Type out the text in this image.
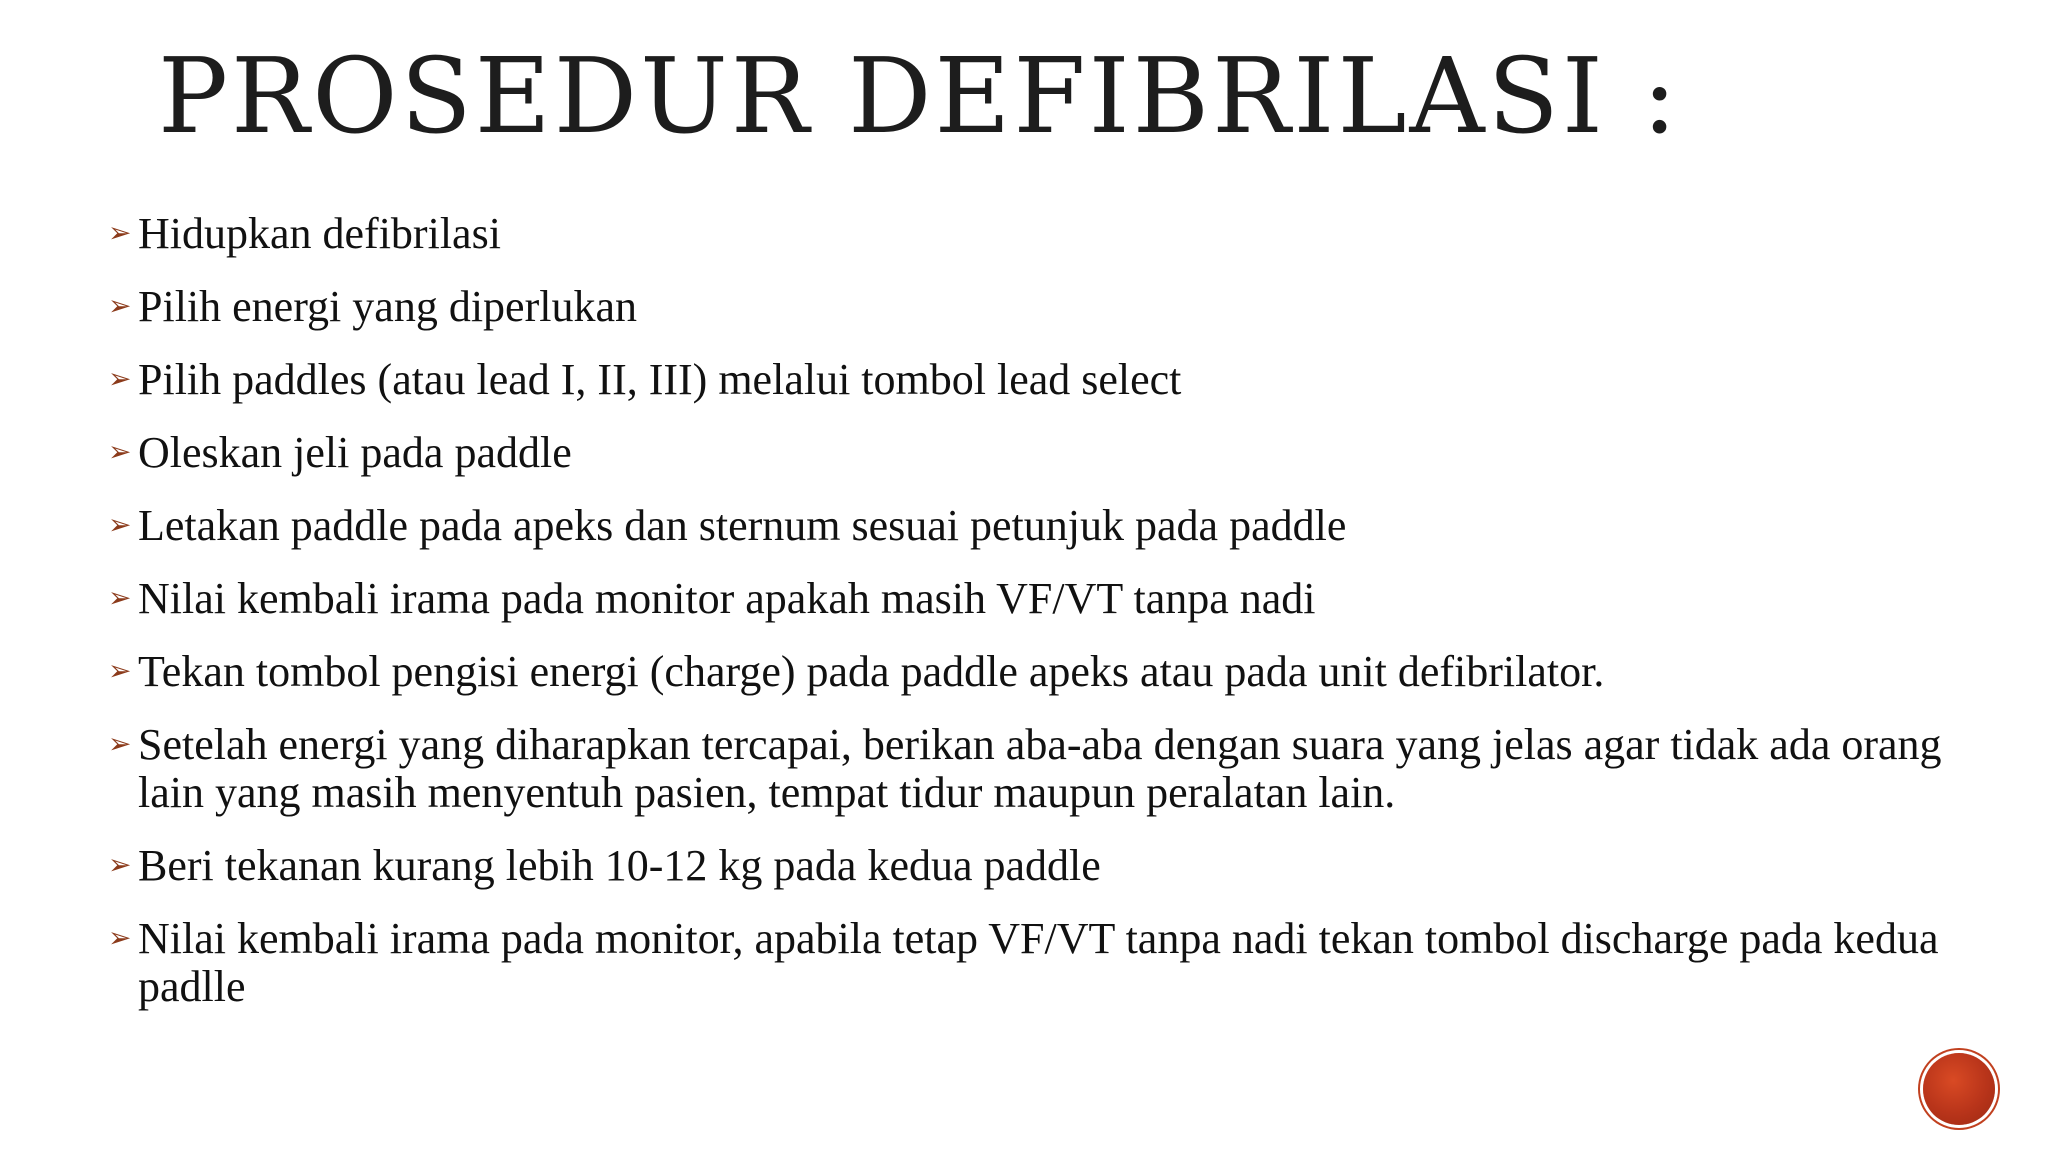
PROSEDUR DEFIBRILASI :
➢ Hidupkan defibrilasi
➢ Pilih energi yang diperlukan
➢ Pilih paddles (atau lead I, II, III) melalui tombol lead select
➢ Oleskan jeli pada paddle
➢ Letakan paddle pada apeks dan sternum sesuai petunjuk pada paddle
➢ Nilai kembali irama pada monitor apakah masih VF/VT tanpa nadi
➢ Tekan tombol pengisi energi (charge) pada paddle apeks atau pada unit defibrilator.
➢ Setelah energi yang diharapkan tercapai, berikan aba-aba dengan suara yang jelas agar tidak ada orang lain yang masih menyentuh pasien, tempat tidur maupun peralatan lain.
➢ Beri tekanan kurang lebih 10-12 kg pada kedua paddle
➢ Nilai kembali irama pada monitor, apabila tetap VF/VT tanpa nadi tekan tombol discharge pada kedua padlle
